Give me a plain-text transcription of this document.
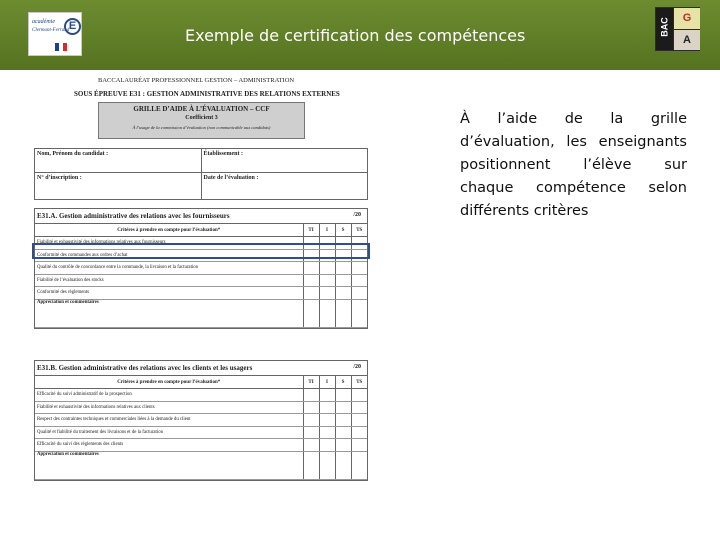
académie
Clermont-Ferrand E	Exemple de certification des compétences	BAC	G
A
BACCALAURÉAT PROFESSIONNEL GESTION – ADMINISTRATION
SOUS ÉPREUVE E31 : GESTION ADMINISTRATIVE DES RELATIONS EXTERNES
GRILLE D’AIDE À L’ÉVALUATION – CCF
Coefficient 3
À l’usage de la commission d’évaluation (non communicable aux candidats)
Nom, Prénom du candidat :	Établissement :
N° d’inscription :	Date de l’évaluation :
E31.A. Gestion administrative des relations avec les fournisseurs	/20
Critères à prendre en compte pour l’évaluation*	TI	I	S	TS
Fiabilité et exhaustivité des informations relatives aux fournisseurs				
Conformité des commandes aux ordres d’achat				
Qualité du contrôle de concordance entre la commande, la livraison et la facturation				
Fiabilité de l’évaluation des stocks				
Conformité des règlements				
Appréciation et commentaires				
E31.B. Gestion administrative des relations avec les clients et les usagers	/20
Critères à prendre en compte pour l’évaluation*	TI	I	S	TS
Efficacité du suivi administratif de la prospection				
Fiabilité et exhaustivité des informations relatives aux clients				
Respect des contraintes techniques et commerciales liées à la demande du client				
Qualité et fiabilité du traitement des livraisons et de la facturation				
Efficacité du suivi des règlements des clients				
Appréciation et commentaires				
À l’aide de la grille d’évaluation, les enseignants positionnent l’élève sur chaque compétence selon différents critères
